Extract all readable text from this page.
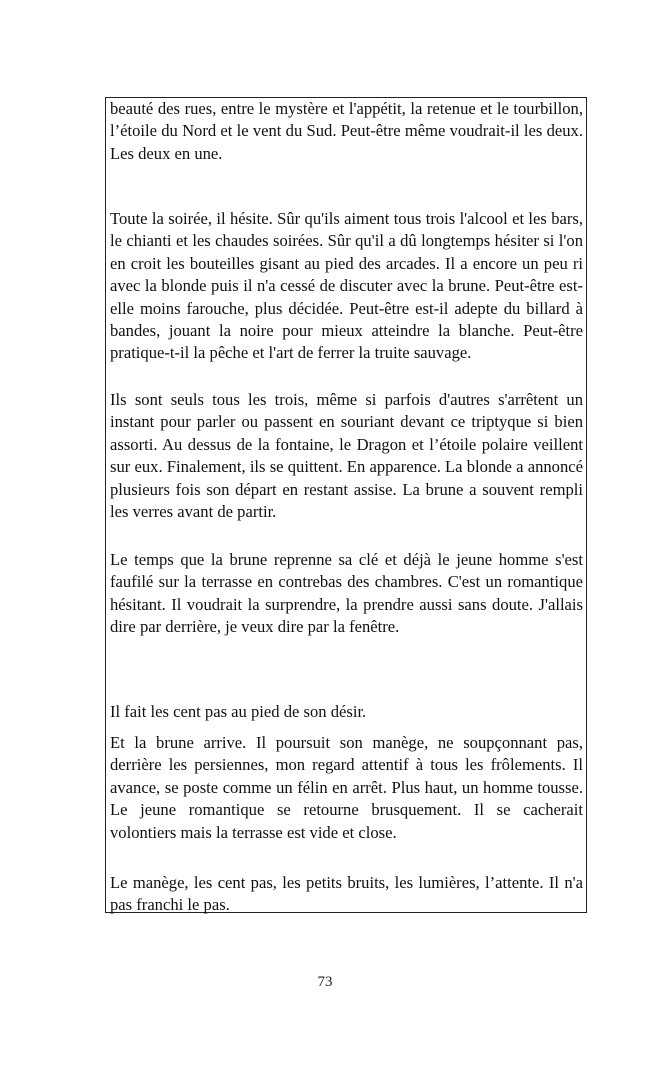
beauté des rues, entre le mystère et l'appétit, la retenue et le tourbillon, l’étoile du Nord et le vent du Sud. Peut-être même voudrait-il les deux. Les deux en une.

Toute la soirée, il hésite. Sûr qu'ils aiment tous trois l'alcool et les bars, le chianti et les chaudes soirées. Sûr qu'il a dû longtemps hésiter si l'on en croit les bouteilles gisant au pied des arcades. Il a encore un peu ri avec la blonde puis il n'a cessé de discuter avec la brune. Peut-être est-elle moins farouche, plus décidée. Peut-être est-il adepte du billard à bandes, jouant la noire pour mieux atteindre la blanche. Peut-être pratique-t-il la pêche et l'art de ferrer la truite sauvage.

Ils sont seuls tous les trois, même si parfois d'autres s'arrêtent un instant pour parler ou passent en souriant devant ce triptyque si bien assorti. Au dessus de la fontaine, le Dragon et l’étoile polaire veillent sur eux. Finalement, ils se quittent. En apparence. La blonde a annoncé plusieurs fois son départ en restant assise. La brune a souvent rempli les verres avant de partir.

Le temps que la brune reprenne sa clé et déjà le jeune homme s'est faufilé sur la terrasse en contrebas des chambres. C'est un romantique hésitant. Il voudrait la surprendre, la prendre aussi sans doute. J'allais dire par derrière, je veux dire par la fenêtre.

Il fait les cent pas au pied de son désir.

Et la brune arrive. Il poursuit son manège, ne soupçonnant pas, derrière les persiennes, mon regard attentif à tous les frôlements. Il avance, se poste comme un félin en arrêt. Plus haut, un homme tousse. Le jeune romantique se retourne brusquement. Il se cacherait volontiers mais la terrasse est vide et close.

Le manège, les cent pas, les petits bruits, les lumières, l’attente. Il n'a pas franchi le pas.

73
